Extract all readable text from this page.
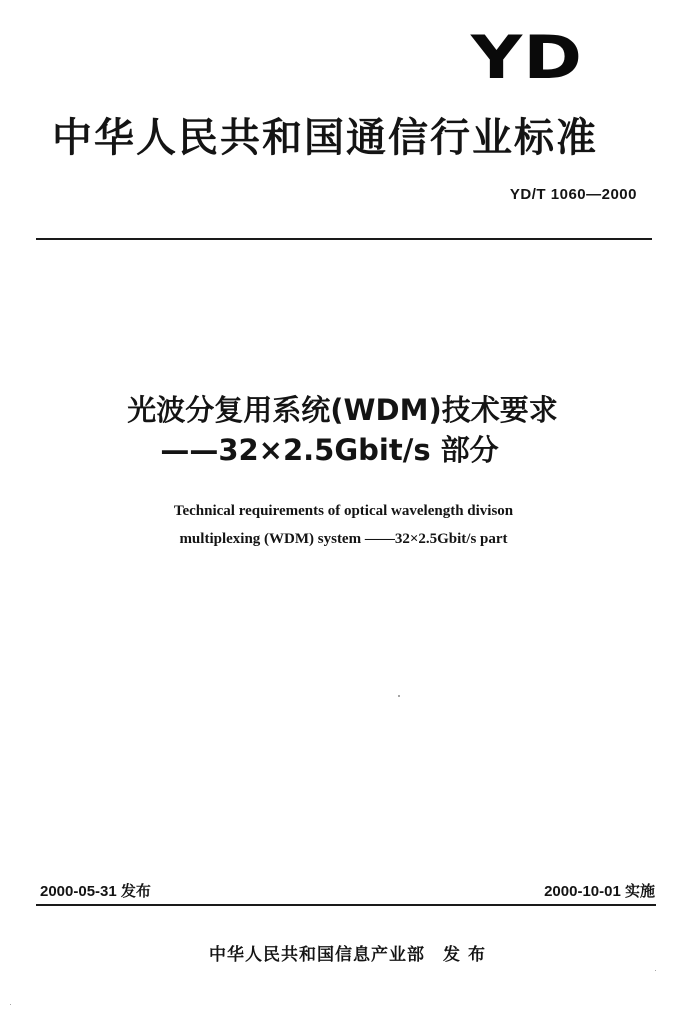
YD
中华人民共和国通信行业标准
YD/T 1060—2000
光波分复用系统(WDM)技术要求
——32×2.5Gbit/s 部分
Technical requirements of optical wavelength divison
multiplexing (WDM) system ——32×2.5Gbit/s part
2000-05-31 发布	2000-10-01 实施
中华人民共和国信息产业部 发 布
